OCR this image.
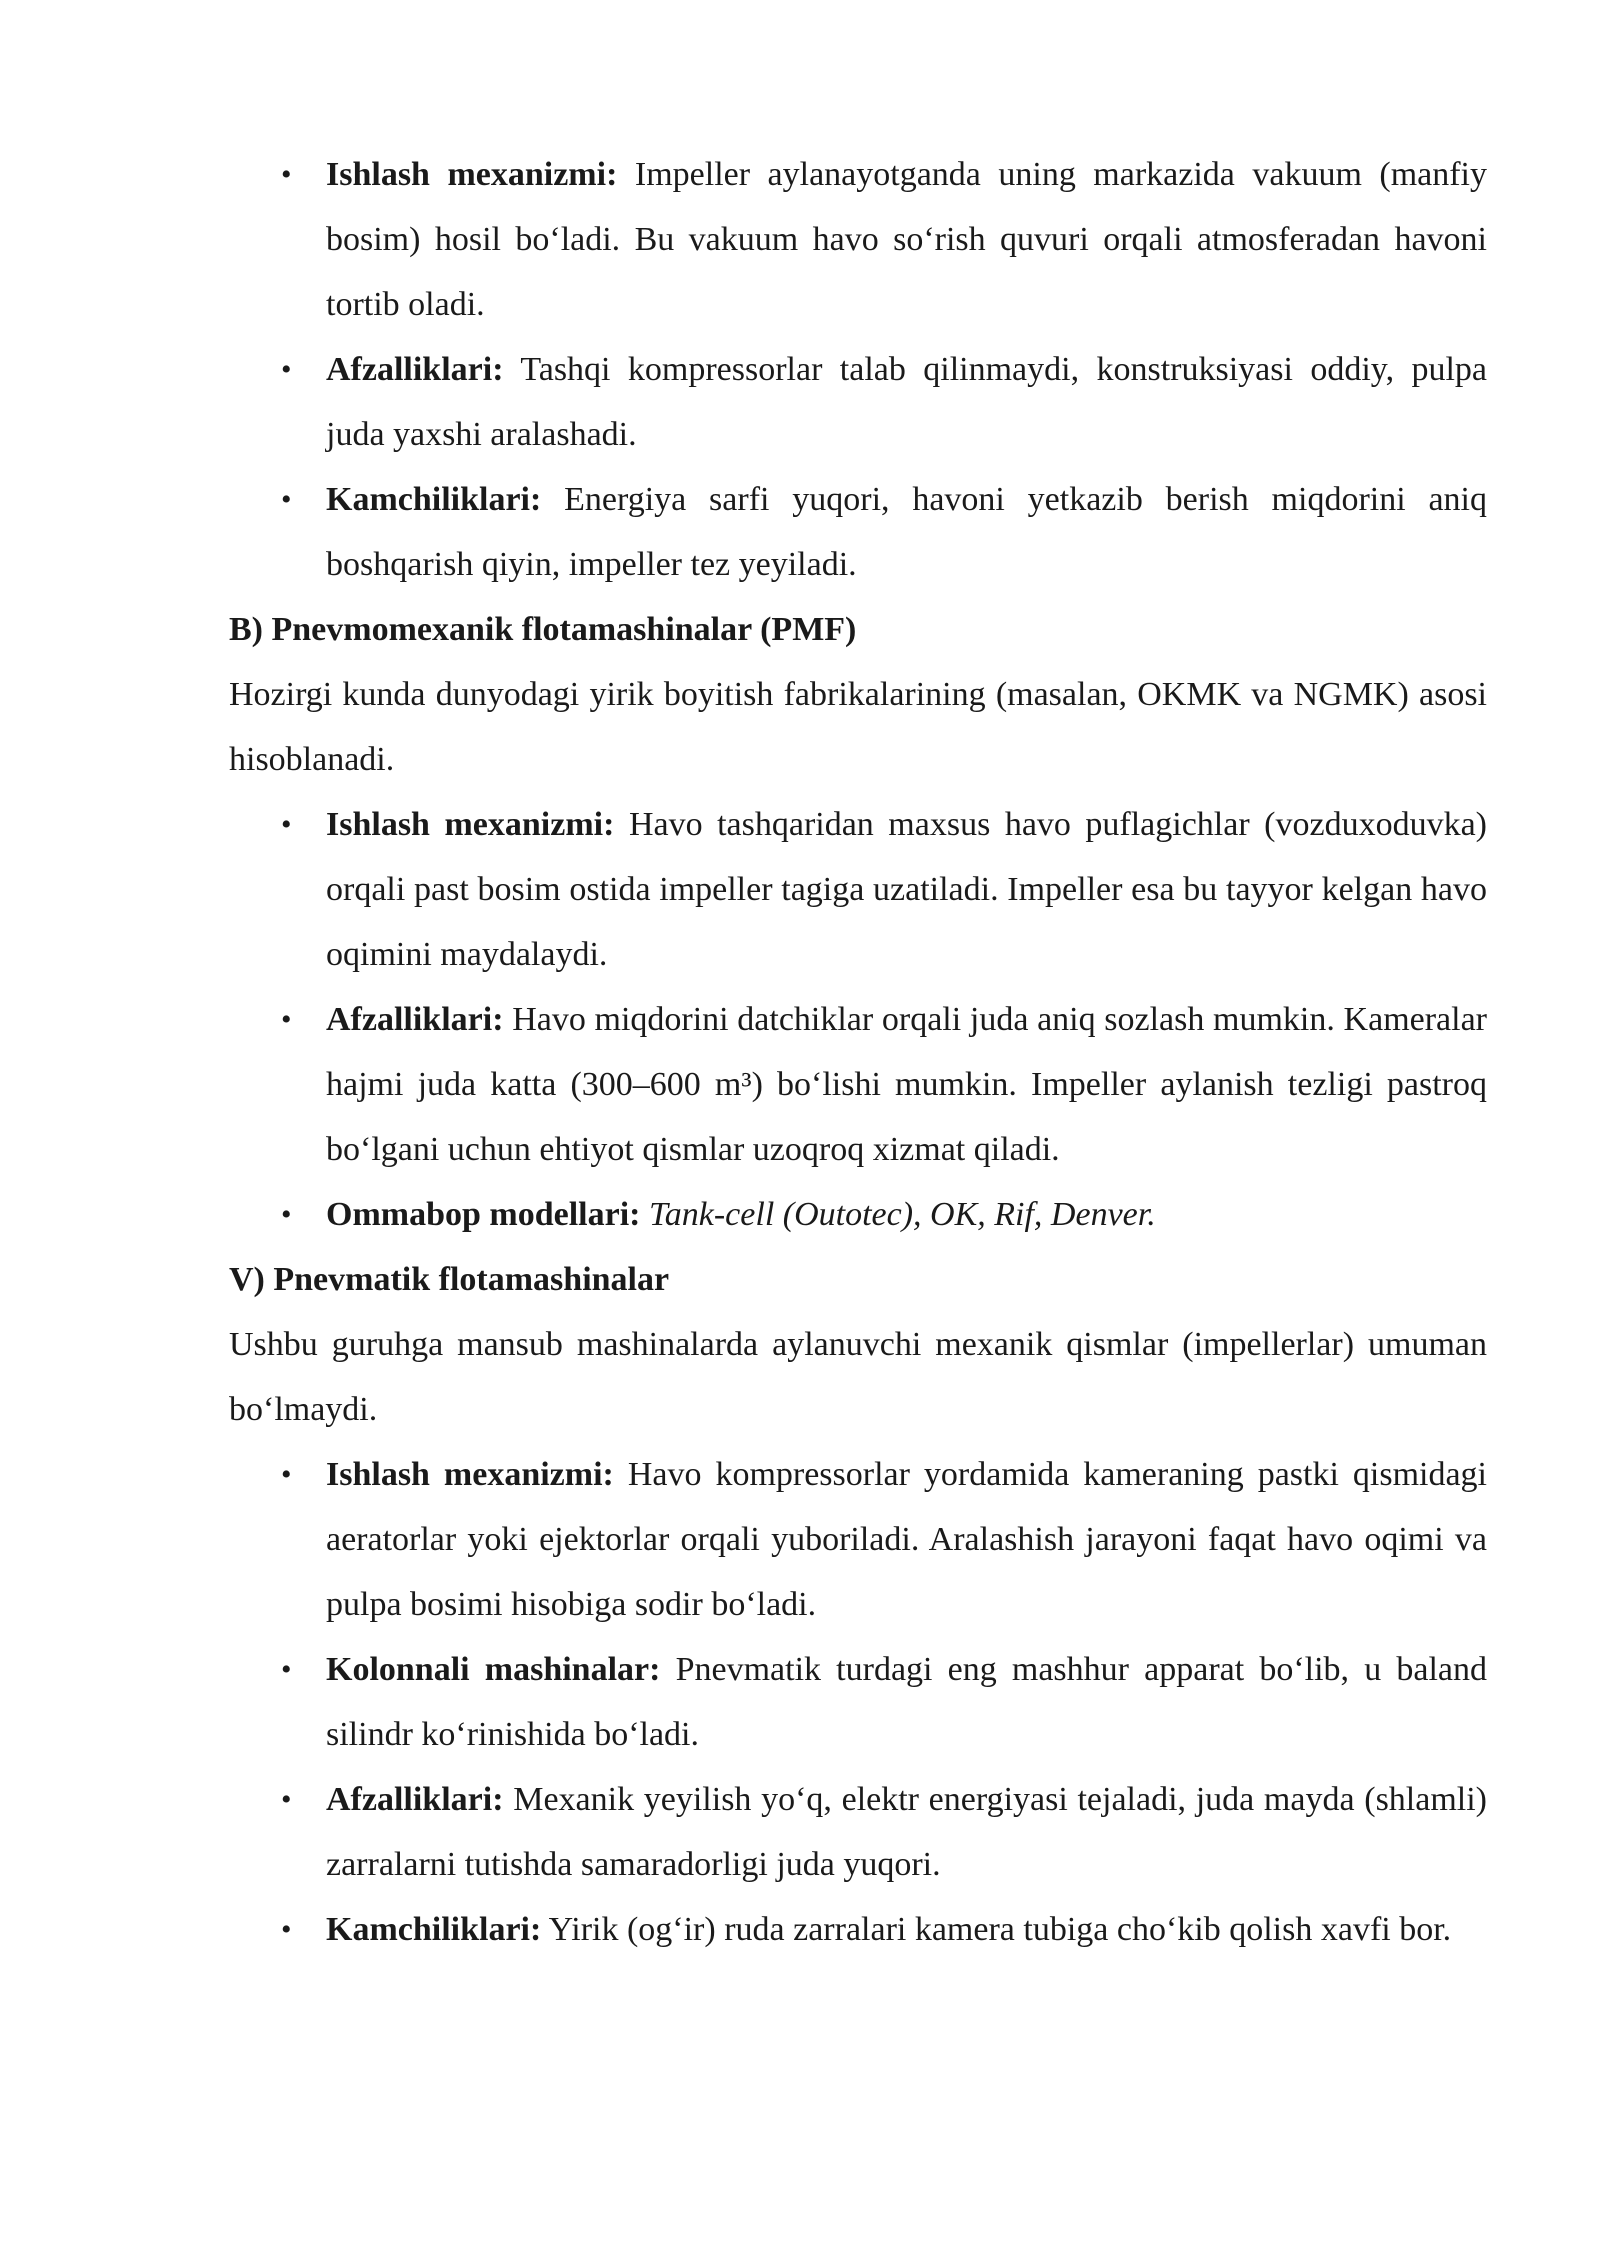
• Ishlash mexanizmi: Impeller aylanayotganda uning markazida vakuum (manfiy bosim) hosil bo‘ladi. Bu vakuum havo so‘rish quvuri orqali atmosferadan havoni tortib oladi.
• Afzalliklari: Tashqi kompressorlar talab qilinmaydi, konstruksiyasi oddiy, pulpa juda yaxshi aralashadi.
• Kamchiliklari: Energiya sarfi yuqori, havoni yetkazib berish miqdorini aniq boshqarish qiyin, impeller tez yeyiladi.

B) Pnevmomexanik flotamashinalar (PMF)

Hozirgi kunda dunyodagi yirik boyitish fabrikalarining (masalan, OKMK va NGMK) asosi hisoblanadi.

• Ishlash mexanizmi: Havo tashqaridan maxsus havo puflagichlar (vozduxoduvka) orqali past bosim ostida impeller tagiga uzatiladi. Impeller esa bu tayyor kelgan havo oqimini maydalaydi.
• Afzalliklari: Havo miqdorini datchiklar orqali juda aniq sozlash mumkin. Kameralar hajmi juda katta (300–600 m³) bo‘lishi mumkin. Impeller aylanish tezligi pastroq bo‘lgani uchun ehtiyot qismlar uzoqroq xizmat qiladi.
• Ommabop modellari: Tank-cell (Outotec), OK, Rif, Denver.

V) Pnevmatik flotamashinalar

Ushbu guruhga mansub mashinalarda aylanuvchi mexanik qismlar (impellerlar) umuman bo‘lmaydi.

• Ishlash mexanizmi: Havo kompressorlar yordamida kameraning pastki qismidagi aeratorlar yoki ejektorlar orqali yuboriladi. Aralashish jarayoni faqat havo oqimi va pulpa bosimi hisobiga sodir bo‘ladi.
• Kolonnali mashinalar: Pnevmatik turdagi eng mashhur apparat bo‘lib, u baland silindr ko‘rinishida bo‘ladi.
• Afzalliklari: Mexanik yeyilish yo‘q, elektr energiyasi tejaladi, juda mayda (shlamli) zarralarni tutishda samaradorligi juda yuqori.
• Kamchiliklari: Yirik (og‘ir) ruda zarralari kamera tubiga cho‘kib qolish xavfi bor.
